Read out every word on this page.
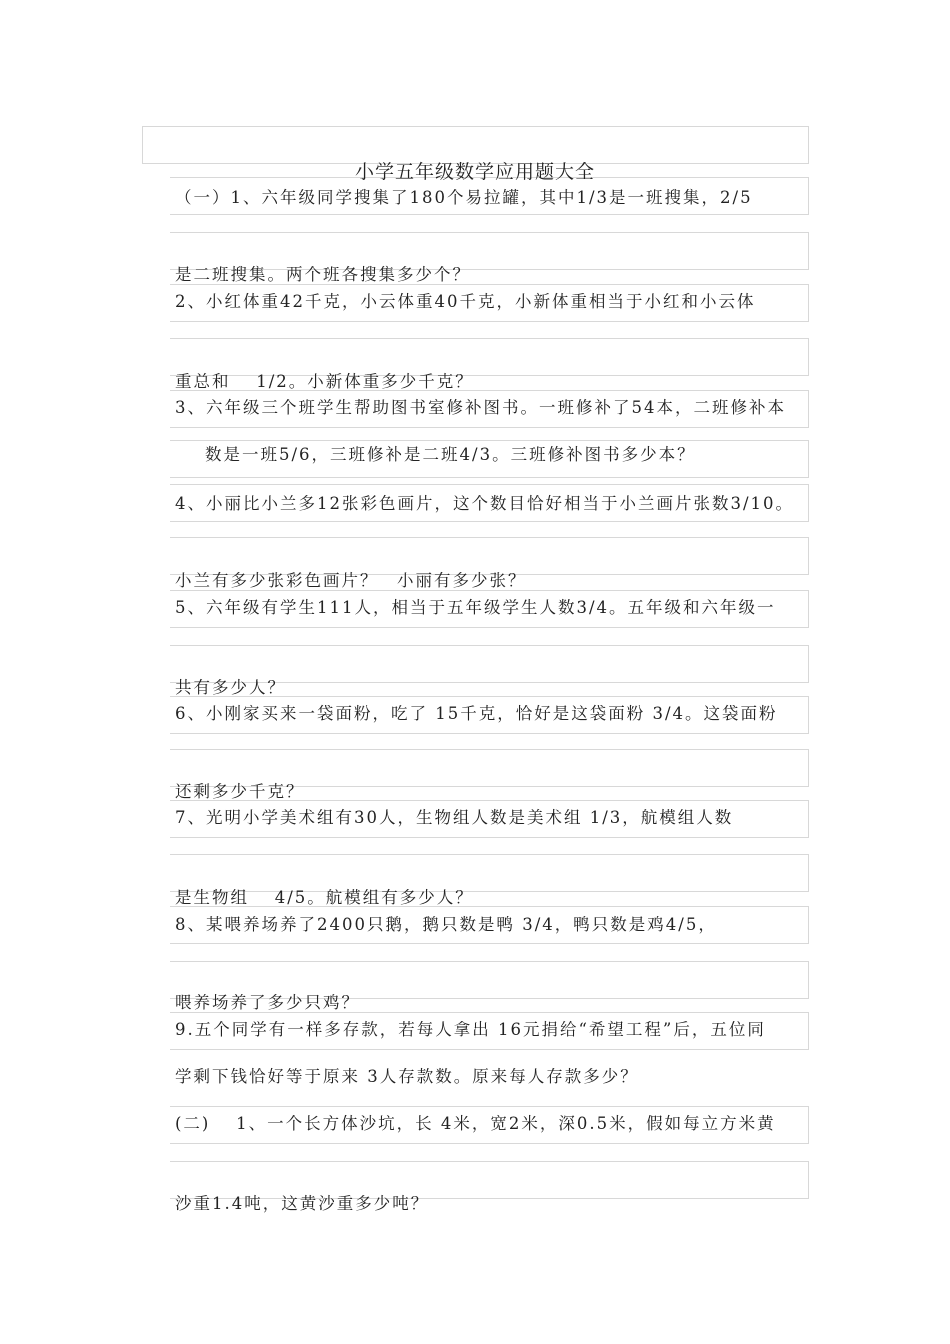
小学五年级数学应用题大全
（一）1、六年级同学搜集了180个易拉罐，其中1/3是一班搜集，2/5
是二班搜集。两个班各搜集多少个？
2、小红体重42千克，小云体重40千克，小新体重相当于小红和小云体
重总和　 1/2。小新体重多少千克？
3、六年级三个班学生帮助图书室修补图书。一班修补了54本，二班修补本
数是一班5/6，三班修补是二班4/3。三班修补图书多少本？
4、小丽比小兰多12张彩色画片，这个数目恰好相当于小兰画片张数3/10。
小兰有多少张彩色画片？　小丽有多少张？
5、六年级有学生111人，相当于五年级学生人数3/4。五年级和六年级一
共有多少人？
6、小刚家买来一袋面粉，吃了 15千克，恰好是这袋面粉 3/4。这袋面粉
还剩多少千克？
7、光明小学美术组有30人，生物组人数是美术组 1/3，航模组人数
是生物组　 4/5。航模组有多少人？
8、某喂养场养了2400只鹅，鹅只数是鸭 3/4，鸭只数是鸡4/5，
喂养场养了多少只鸡？
9.五个同学有一样多存款，若每人拿出 16元捐给“希望工程”后，五位同
学剩下钱恰好等于原来 3人存款数。原来每人存款多少？
(二)　 1、一个长方体沙坑，长 4米，宽2米，深0.5米，假如每立方米黄
沙重1.4吨，这黄沙重多少吨？
